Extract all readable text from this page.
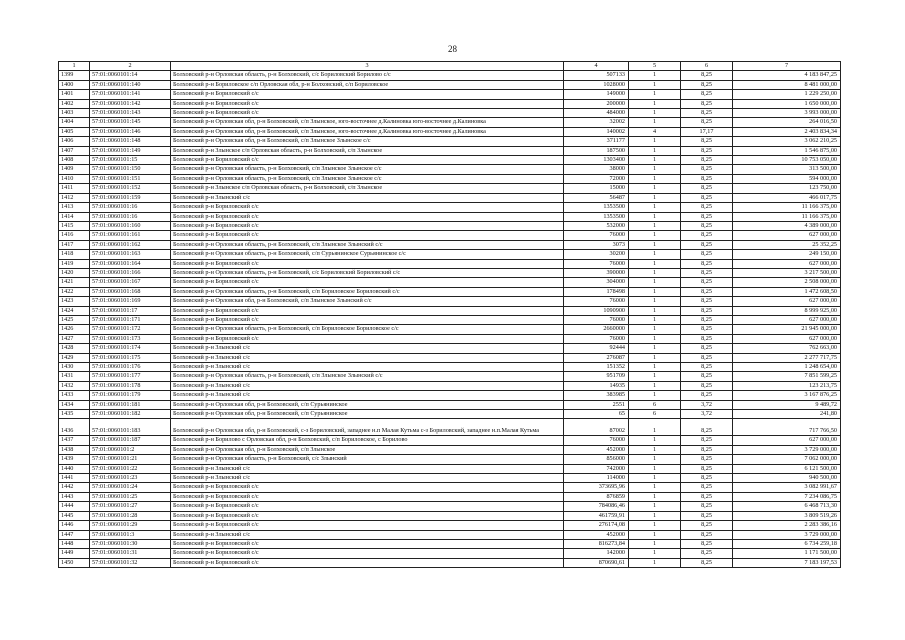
28
1	2	3	4	5	6	7
1399	57:01:0060101:14	Болховский р-н Орловская область, р-н Болховский, с/с Бориловский Борилово с/с	507133	1	8,25	4 183 847,25
1400	57:01:0060101:140	Болховский р-н Бориловское с/п Орловская обл, р-н Болховский, с/п Бориловское	1028000	1	8,25	8 481 000,00
1401	57:01:0060101:141	Болховский р-н Бориловский с/с	149000	1	8,25	1 229 250,00
1402	57:01:0060101:142	Болховский р-н Бориловский с/с	200000	1	8,25	1 650 000,00
1403	57:01:0060101:143	Болховский р-н Бориловский с/с	484000	1	8,25	3 993 000,00
1404	57:01:0060101:145	Болховский р-н Орловская обл, р-н Болховский, с/п Злынское, юго-восточнее д.Калиновка юго-восточнее д.Калиновка	32002	1	8,25	264 016,50
1405	57:01:0060101:146	Болховский р-н Орловская обл, р-н Болховский, с/п Злынское, юго-восточнее д.Калиновка юго-восточнее д.Калиновка	140002	4	17,17	2 403 834,34
1406	57:01:0060101:148	Болховский р-н Орловская обл, р-н Болховский, с/п Злынское Злынское с/с	371177	1	8,25	3 062 210,25
1407	57:01:0060101:149	Болховский р-н Злынское с/п Орловская область, р-н Болховский, с/п Злынское	187500	1	8,25	1 546 875,00
1408	57:01:0060101:15	Болховский р-н Бориловский с/с	1303400	1	8,25	10 753 050,00
1409	57:01:0060101:150	Болховский р-н Орловская область, р-н Болховский, с/п Злынское Злынское с/с	38000	1	8,25	313 500,00
1410	57:01:0060101:151	Болховский р-н Орловская область, р-н Болховский, с/п Злынское Злынское с/с	72000	1	8,25	594 000,00
1411	57:01:0060101:152	Болховский р-н Злынское с/п Орловская область, р-н Болховский, с/п Злынское	15000	1	8,25	123 750,00
1412	57:01:0060101:159	Болховский р-н Злынский с/с	56487	1	8,25	466 017,75
1413	57:01:0060101:16	Болховский р-н Бориловский с/с	1353500	1	8,25	11 166 375,00
1414	57:01:0060101:16	Болховский р-н Бориловский с/с	1353500	1	8,25	11 166 375,00
1415	57:01:0060101:160	Болховский р-н Бориловский с/с	532000	1	8,25	4 389 000,00
1416	57:01:0060101:161	Болховский р-н Бориловский с/с	76000	1	8,25	627 000,00
1417	57:01:0060101:162	Болховский р-н Орловская область, р-н Болховский, с/п Злынское Злынский с/с	3073	1	8,25	25 352,25
1418	57:01:0060101:163	Болховский р-н Орловская область, р-н Болховский, с/п Сурьянинское Сурьянинское с/с	30200	1	8,25	249 150,00
1419	57:01:0060101:164	Болховский р-н Бориловский с/с	76000	1	8,25	627 000,00
1420	57:01:0060101:166	Болховский р-н Орловская область, р-н Болховский, с/с Бориловский Бориловский с/с	390000	1	8,25	3 217 500,00
1421	57:01:0060101:167	Болховский р-н Бориловский с/с	304000	1	8,25	2 508 000,00
1422	57:01:0060101:168	Болховский р-н Орловская область, р-н Болховский, с/п Бориловское Бориловский с/с	178498	1	8,25	1 472 608,50
1423	57:01:0060101:169	Болховский р-н Орловская обл, р-н Болховский, с/п Злынское Злынский с/с	76000	1	8,25	627 000,00
1424	57:01:0060101:17	Болховский р-н Бориловский с/с	1090900	1	8,25	8 999 925,00
1425	57:01:0060101:171	Болховский р-н Бориловский с/с	76000	1	8,25	627 000,00
1426	57:01:0060101:172	Болховский р-н Орловская область, р-н Болховский, с/п Бориловское Бориловское с/с	2660000	1	8,25	21 945 000,00
1427	57:01:0060101:173	Болховский р-н Бориловский с/с	76000	1	8,25	627 000,00
1428	57:01:0060101:174	Болховский р-н Злынский с/с	92444	1	8,25	762 663,00
1429	57:01:0060101:175	Болховский р-н Злынский с/с	276087	1	8,25	2 277 717,75
1430	57:01:0060101:176	Болховский р-н Злынский с/с	151352	1	8,25	1 248 654,00
1431	57:01:0060101:177	Болховский р-н Орловская область, р-н Болховский, с/п Злынское Злынский с/с	951709	1	8,25	7 851 599,25
1432	57:01:0060101:178	Болховский р-н Злынский с/с	14935	1	8,25	123 213,75
1433	57:01:0060101:179	Болховский р-н Злынский с/с	383985	1	8,25	3 167 876,25
1434	57:01:0060101:181	Болховский р-н Орловская обл, р-н Болховский, с/п Сурьянинское	2551	6	3,72	9 489,72
1435	57:01:0060101:182	Болховский р-н Орловская обл, р-н Болховский, с/п Сурьянинское	65	6	3,72	241,80
1436	57:01:0060101:183	Болховский р-н Орловская обл, р-н Болховский, с-з Бориловский, западнее н.п Малая Кутьма с-з Бориловский, западнее н.п.Малая Кутьма	87002	1	8,25	717 766,50
1437	57:01:0060101:187	Болховский р-н Борилово с Орловская обл, р-н Болховский, с/п Бориловское, с Борилово	76000	1	8,25	627 000,00
1438	57:01:0060101:2	Болховский р-н Орловская обл, р-н Болховский, с/п Злынское	452000	1	8,25	3 729 000,00
1439	57:01:0060101:21	Болховский р-н Орловская область, р-н Болховский, с/с Злынский	856000	1	8,25	7 062 000,00
1440	57:01:0060101:22	Болховский р-н Злынский с/с	742000	1	8,25	6 121 500,00
1441	57:01:0060101:23	Болховский р-н Злынский с/с	114000	1	8,25	940 500,00
1442	57:01:0060101:24	Болховский р-н Бориловский с/с	373695,96	1	8,25	3 082 991,67
1443	57:01:0060101:25	Болховский р-н Бориловский с/с	876859	1	8,25	7 234 086,75
1444	57:01:0060101:27	Болховский р-н Бориловский с/с	784086,46	1	8,25	6 468 713,30
1445	57:01:0060101:28	Болховский р-н Бориловский с/с	461759,91	1	8,25	3 809 519,26
1446	57:01:0060101:29	Болховский р-н Бориловский с/с	276174,08	1	8,25	2 283 386,16
1447	57:01:0060101:3	Болховский р-н Злынский с/с	452000	1	8,25	3 729 000,00
1448	57:01:0060101:30	Болховский р-н Бориловский с/с	816273,84	1	8,25	6 734 259,18
1449	57:01:0060101:31	Болховский р-н Бориловский с/с	142000	1	8,25	1 171 500,00
1450	57:01:0060101:32	Болховский р-н Бориловский с/с	870690,61	1	8,25	7 183 197,53
